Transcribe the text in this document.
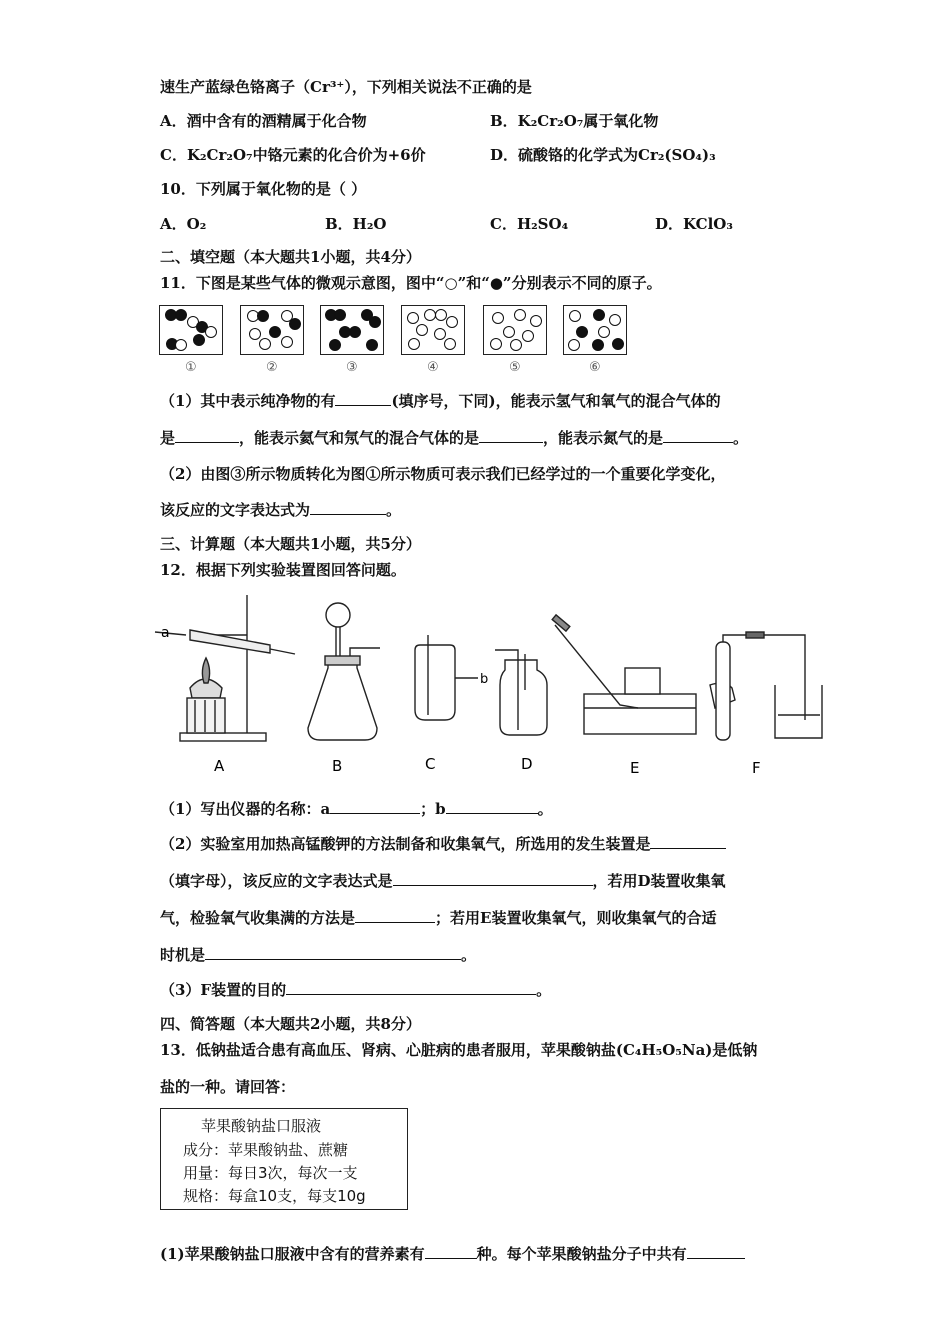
速生产蓝绿色铬离子（Cr³⁺），下列相关说法不正确的是
A．酒中含有的酒精属于化合物	B．K₂Cr₂O₇属于氧化物
C．K₂Cr₂O₇中铬元素的化合价为+6价	D．硫酸铬的化学式为Cr₂(SO₄)₃
10．下列属于氧化物的是（ ）
A．O₂	B．H₂O	C．H₂SO₄	D．KClO₃
二、填空题（本大题共1小题，共4分）
11．下图是某些气体的微观示意图，图中“○”和“●”分别表示不同的原子。
①	②	③	④	⑤	⑥
（1）其中表示纯净物的有	(填序号，下同)，能表示氢气和氧气的混合气体的
是	，能表示氦气和氖气的混合气体的是	，能表示氮气的是	。
（2）由图③所示物质转化为图①所示物质可表示我们已经学过的一个重要化学变化，
该反应的文字表达式为	。
三、计算题（本大题共1小题，共5分）
12．根据下列实验装置图回答问题。
a
b
A	B	C	D	E	F
（1）写出仪器的名称：a	；b	。
（2）实验室用加热高锰酸钾的方法制备和收集氧气，所选用的发生装置是
（填字母），该反应的文字表达式是	，若用D装置收集氧
气，检验氧气收集满的方法是	；若用E装置收集氧气，则收集氧气的合适
时机是	。
（3）F装置的目的	。
四、简答题（本大题共2小题，共8分）
13．低钠盐适合患有高血压、肾病、心脏病的患者服用，苹果酸钠盐(C₄H₅O₅Na)是低钠
盐的一种。请回答：
苹果酸钠盐口服液
成分：苹果酸钠盐、蔗糖
用量：每日3次，每次一支
规格：每盒10支，每支10g
(1)苹果酸钠盐口服液中含有的营养素有	种。每个苹果酸钠盐分子中共有
